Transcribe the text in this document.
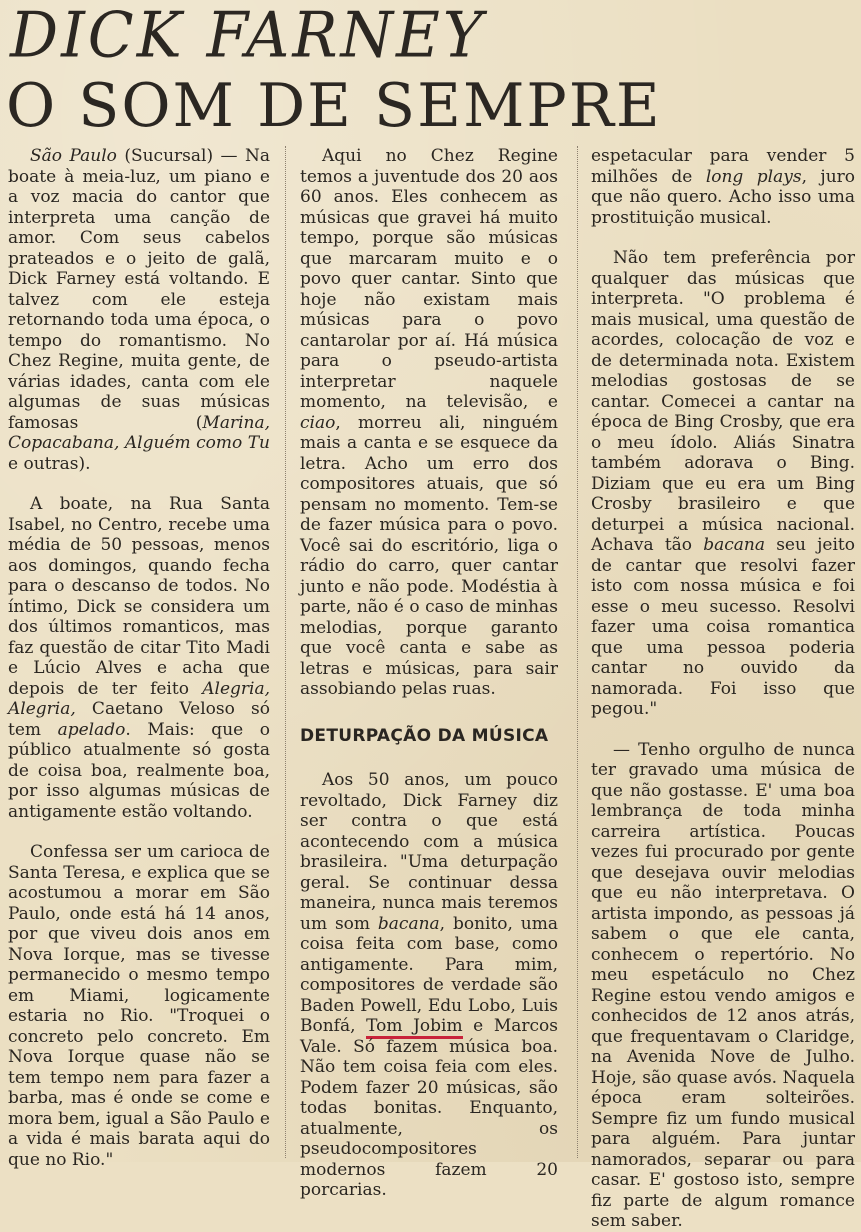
DICK FARNEY
O SOM DE SEMPRE

São Paulo (Sucursal) — Na boate à meia-luz, um piano e a voz macia do cantor que interpreta uma canção de amor. Com seus cabelos prateados e o jeito de galã, Dick Farney está voltando. E talvez com ele esteja retornando toda uma época, o tempo do romantismo. No Chez Regine, muita gente, de várias idades, canta com ele algumas de suas músicas famosas (Marina, Copacabana, Alguém como Tu e outras).

A boate, na Rua Santa Isabel, no Centro, recebe uma média de 50 pessoas, menos aos domingos, quando fecha para o descanso de todos. No íntimo, Dick se considera um dos últimos romanticos, mas faz questão de citar Tito Madi e Lúcio Alves e acha que depois de ter feito Alegria, Alegria, Caetano Veloso só tem apelado. Mais: que o público atualmente só gosta de coisa boa, realmente boa, por isso algumas músicas de antigamente estão voltando.

Confessa ser um carioca de Santa Teresa, e explica que se acostumou a morar em São Paulo, onde está há 14 anos, por que viveu dois anos em Nova Iorque, mas se tivesse permanecido o mesmo tempo em Miami, logicamente estaria no Rio. "Troquei o concreto pelo concreto. Em Nova Iorque quase não se tem tempo nem para fazer a barba, mas é onde se come e mora bem, igual a São Paulo e a vida é mais barata aqui do que no Rio."

Aqui no Chez Regine temos a juventude dos 20 aos 60 anos. Eles conhecem as músicas que gravei há muito tempo, porque são músicas que marcaram muito e o povo quer cantar. Sinto que hoje não existam mais músicas para o povo cantarolar por aí. Há música para o pseudo-artista interpretar naquele momento, na televisão, e ciao, morreu ali, ninguém mais a canta e se esquece da letra. Acho um erro dos compositores atuais, que só pensam no momento. Tem-se de fazer música para o povo. Você sai do escritório, liga o rádio do carro, quer cantar junto e não pode. Modéstia à parte, não é o caso de minhas melodias, porque garanto que você canta e sabe as letras e músicas, para sair assobiando pelas ruas.

DETURPAÇÃO DA MÚSICA

Aos 50 anos, um pouco revoltado, Dick Farney diz ser contra o que está acontecendo com a música brasileira. "Uma deturpação geral. Se continuar dessa maneira, nunca mais teremos um som bacana, bonito, uma coisa feita com base, como antigamente. Para mim, compositores de verdade são Baden Powell, Edu Lobo, Luis Bonfá, Tom Jobim e Marcos Vale. Só fazem música boa. Não tem coisa feia com eles. Podem fazer 20 músicas, são todas bonitas. Enquanto, atualmente, os pseudocompositores modernos fazem 20 porcarias.

espetacular para vender 5 milhões de long plays, juro que não quero. Acho isso uma prostituição musical.

Não tem preferência por qualquer das músicas que interpreta. "O problema é mais musical, uma questão de acordes, colocação de voz e de determinada nota. Existem melodias gostosas de se cantar. Comecei a cantar na época de Bing Crosby, que era o meu ídolo. Aliás Sinatra também adorava o Bing. Diziam que eu era um Bing Crosby brasileiro e que deturpei a música nacional. Achava tão bacana seu jeito de cantar que resolvi fazer isto com nossa música e foi esse o meu sucesso. Resolvi fazer uma coisa romantica que uma pessoa poderia cantar no ouvido da namorada. Foi isso que pegou."

— Tenho orgulho de nunca ter gravado uma música de que não gostasse. E' uma boa lembrança de toda minha carreira artística. Poucas vezes fui procurado por gente que desejava ouvir melodias que eu não interpretava. O artista impondo, as pessoas já sabem o que ele canta, conhecem o repertório. No meu espetáculo no Chez Regine estou vendo amigos e conhecidos de 12 anos atrás, que frequentavam o Claridge, na Avenida Nove de Julho. Hoje, são quase avós. Naquela época eram solteirões. Sempre fiz um fundo musical para alguém. Para juntar namorados, separar ou para casar. E' gostoso isto, sempre fiz parte de algum romance sem saber.
